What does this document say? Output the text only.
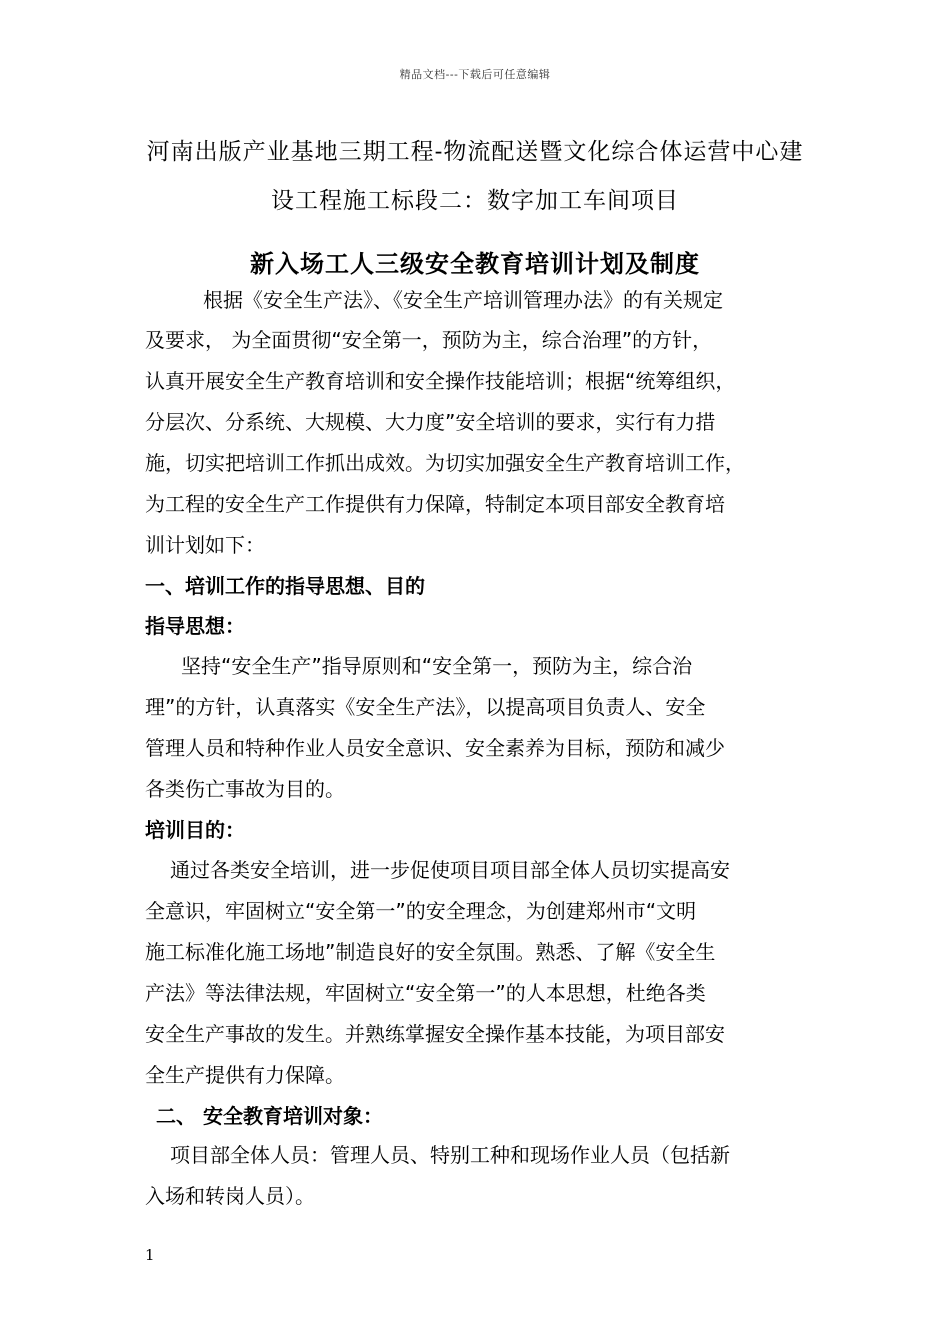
精品文档---下载后可任意编辑
河南出版产业基地三期工程-物流配送暨文化综合体运营中心建
设工程施工标段二：数字加工车间项目
新入场工人三级安全教育培训计划及制度
根据《安全生产法》、《安全生产培训管理办法》的有关规定
及要求， 为全面贯彻“安全第一，预防为主，综合治理”的方针，
认真开展安全生产教育培训和安全操作技能培训；根据“统筹组织，
分层次、分系统、大规模、大力度”安全培训的要求，实行有力措
施，切实把培训工作抓出成效。为切实加强安全生产教育培训工作，
为工程的安全生产工作提供有力保障，特制定本项目部安全教育培
训计划如下：
一、培训工作的指导思想、目的
指导思想：
坚持“安全生产”指导原则和“安全第一，预防为主，综合治
理”的方针，认真落实《安全生产法》，以提高项目负责人、安全
管理人员和特种作业人员安全意识、安全素养为目标，预防和减少
各类伤亡事故为目的。
培训目的：
通过各类安全培训，进一步促使项目项目部全体人员切实提高安
全意识，牢固树立“安全第一”的安全理念，为创建郑州市“文明
施工标准化施工场地”制造良好的安全氛围。熟悉、了解《安全生
产法》等法律法规，牢固树立“安全第一”的人本思想，杜绝各类
安全生产事故的发生。并熟练掌握安全操作基本技能，为项目部安
全生产提供有力保障。
二、 安全教育培训对象：
项目部全体人员：管理人员、特别工种和现场作业人员（包括新
入场和转岗人员）。
1
